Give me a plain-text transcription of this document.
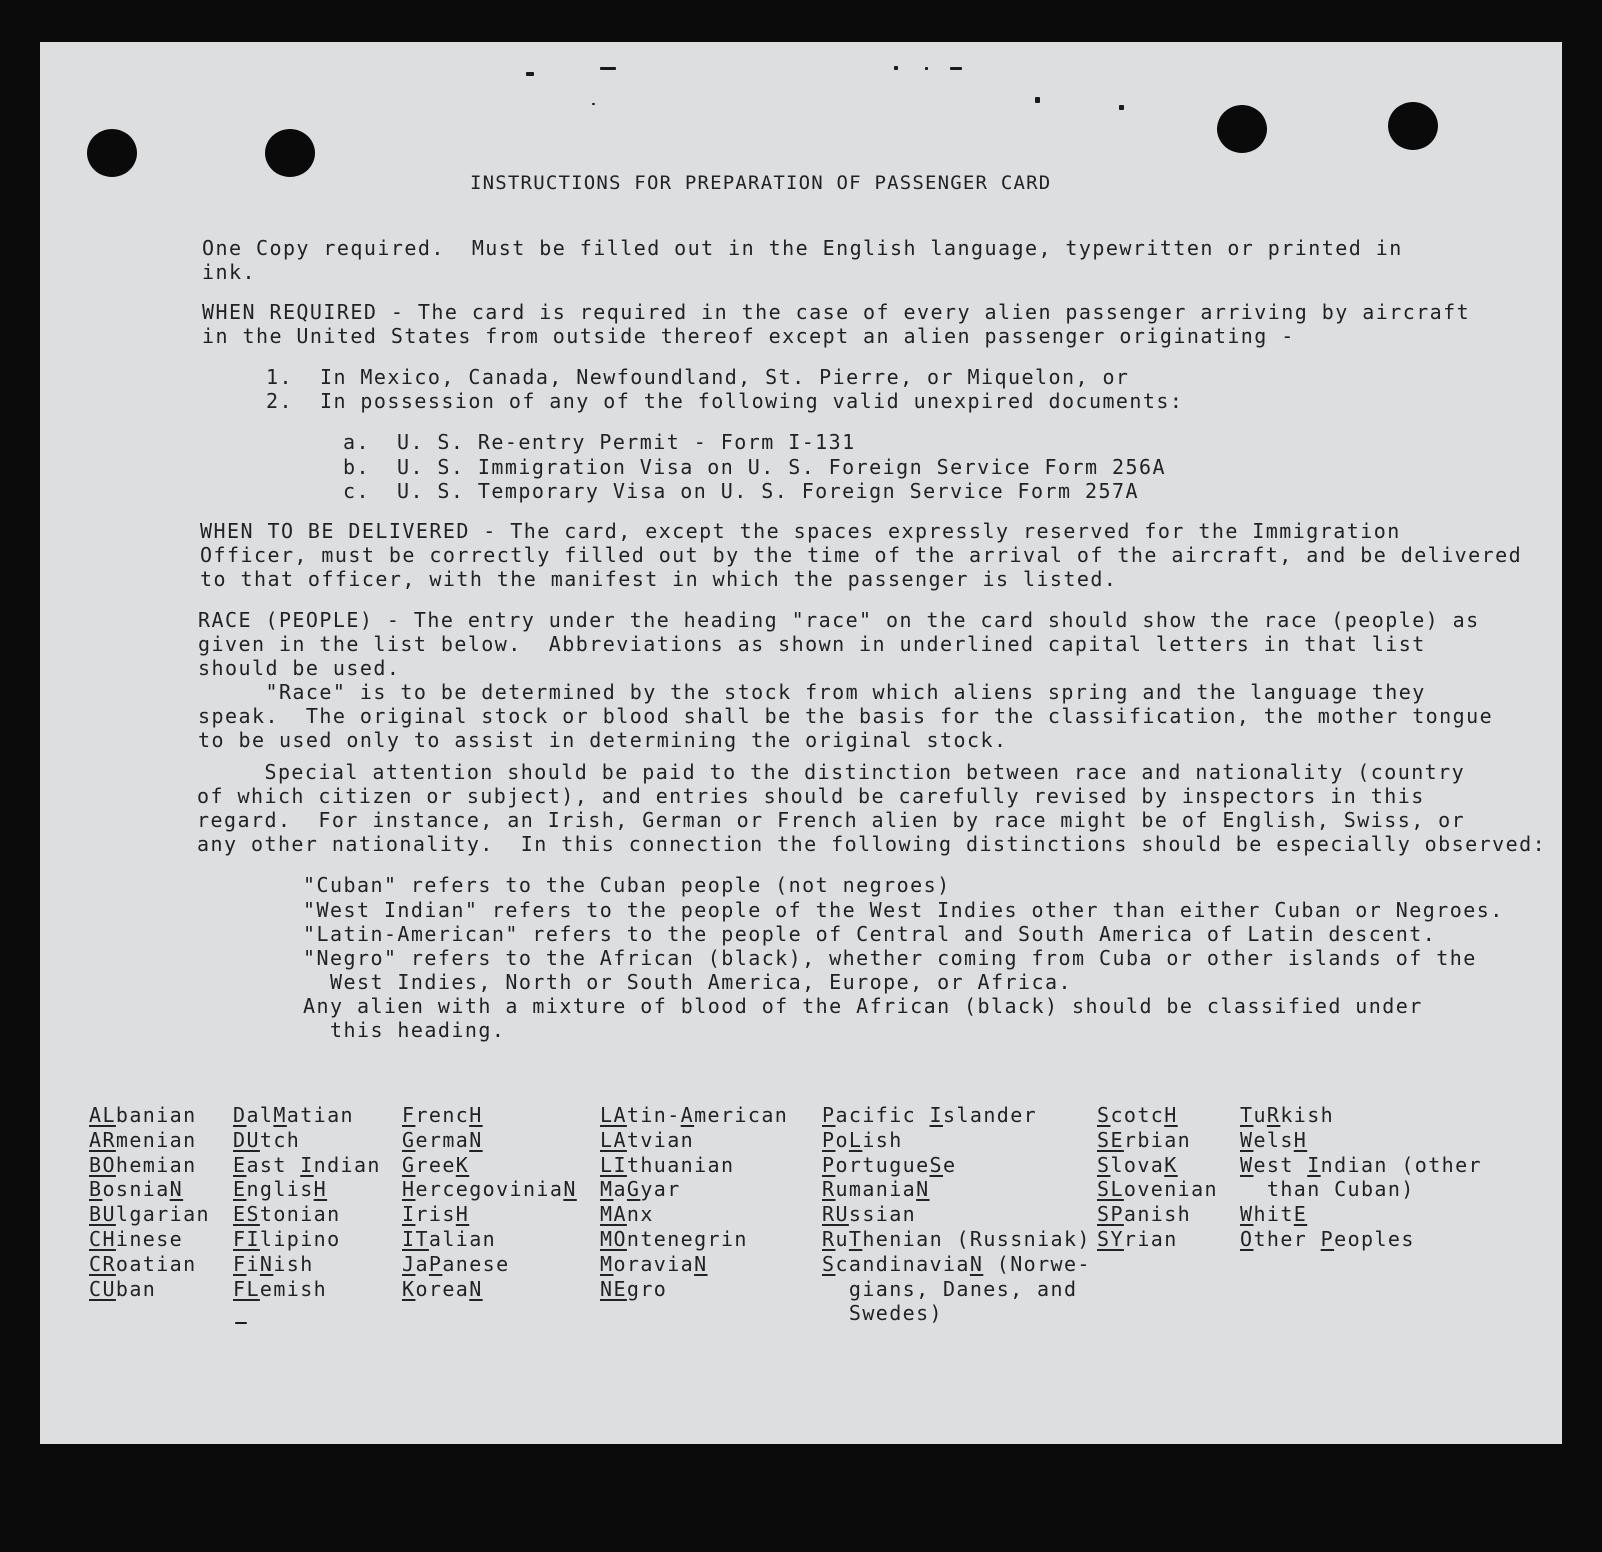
INSTRUCTIONS FOR PREPARATION OF PASSENGER CARD
One Copy required.  Must be filled out in the English language, typewritten or printed in
ink.
WHEN REQUIRED - The card is required in the case of every alien passenger arriving by aircraft
in the United States from outside thereof except an alien passenger originating -
1.  In Mexico, Canada, Newfoundland, St. Pierre, or Miquelon, or
2.  In possession of any of the following valid unexpired documents:
a.  U. S. Re-entry Permit - Form I-131
b.  U. S. Immigration Visa on U. S. Foreign Service Form 256A
c.  U. S. Temporary Visa on U. S. Foreign Service Form 257A
WHEN TO BE DELIVERED - The card, except the spaces expressly reserved for the Immigration
Officer, must be correctly filled out by the time of the arrival of the aircraft, and be delivered
to that officer, with the manifest in which the passenger is listed.
RACE (PEOPLE) - The entry under the heading "race" on the card should show the race (people) as
given in the list below.  Abbreviations as shown in underlined capital letters in that list
should be used.
"Race" is to be determined by the stock from which aliens spring and the language they
speak.  The original stock or blood shall be the basis for the classification, the mother tongue
to be used only to assist in determining the original stock.
Special attention should be paid to the distinction between race and nationality (country
of which citizen or subject), and entries should be carefully revised by inspectors in this
regard.  For instance, an Irish, German or French alien by race might be of English, Swiss, or
any other nationality.  In this connection the following distinctions should be especially observed:
"Cuban" refers to the Cuban people (not negroes)
"West Indian" refers to the people of the West Indies other than either Cuban or Negroes.
"Latin-American" refers to the people of Central and South America of Latin descent.
"Negro" refers to the African (black), whether coming from Cuba or other islands of the
West Indies, North or South America, Europe, or Africa.
Any alien with a mixture of blood of the African (black) should be classified under
this heading.
ALbanian
ARmenian
BOhemian
BosniaN
BUlgarian
CHinese
CRoatian
CUban
DalMatian
DUtch
East Indian
EnglisH
EStonian
FIlipino
FiNish
FLemish
FrencH
GermaN
GreeK
HercegoviniaN
IrisH
ITalian
JaPanese
KoreaN
LAtin-American
LAtvian
LIthuanian
MaGyar
MAnx
MOntenegrin
MoraviaN
NEgro
Pacific Islander
PoLish
PortugueSe
RumaniaN
RUssian
RuThenian (Russniak)
ScandinaviaN (Norwe-
gians, Danes, and
Swedes)
ScotcH
SErbian
SlovaK
SLovenian
SPanish
SYrian
TuRkish
WelsH
West Indian (other
than Cuban)
WhitE
Other Peoples
